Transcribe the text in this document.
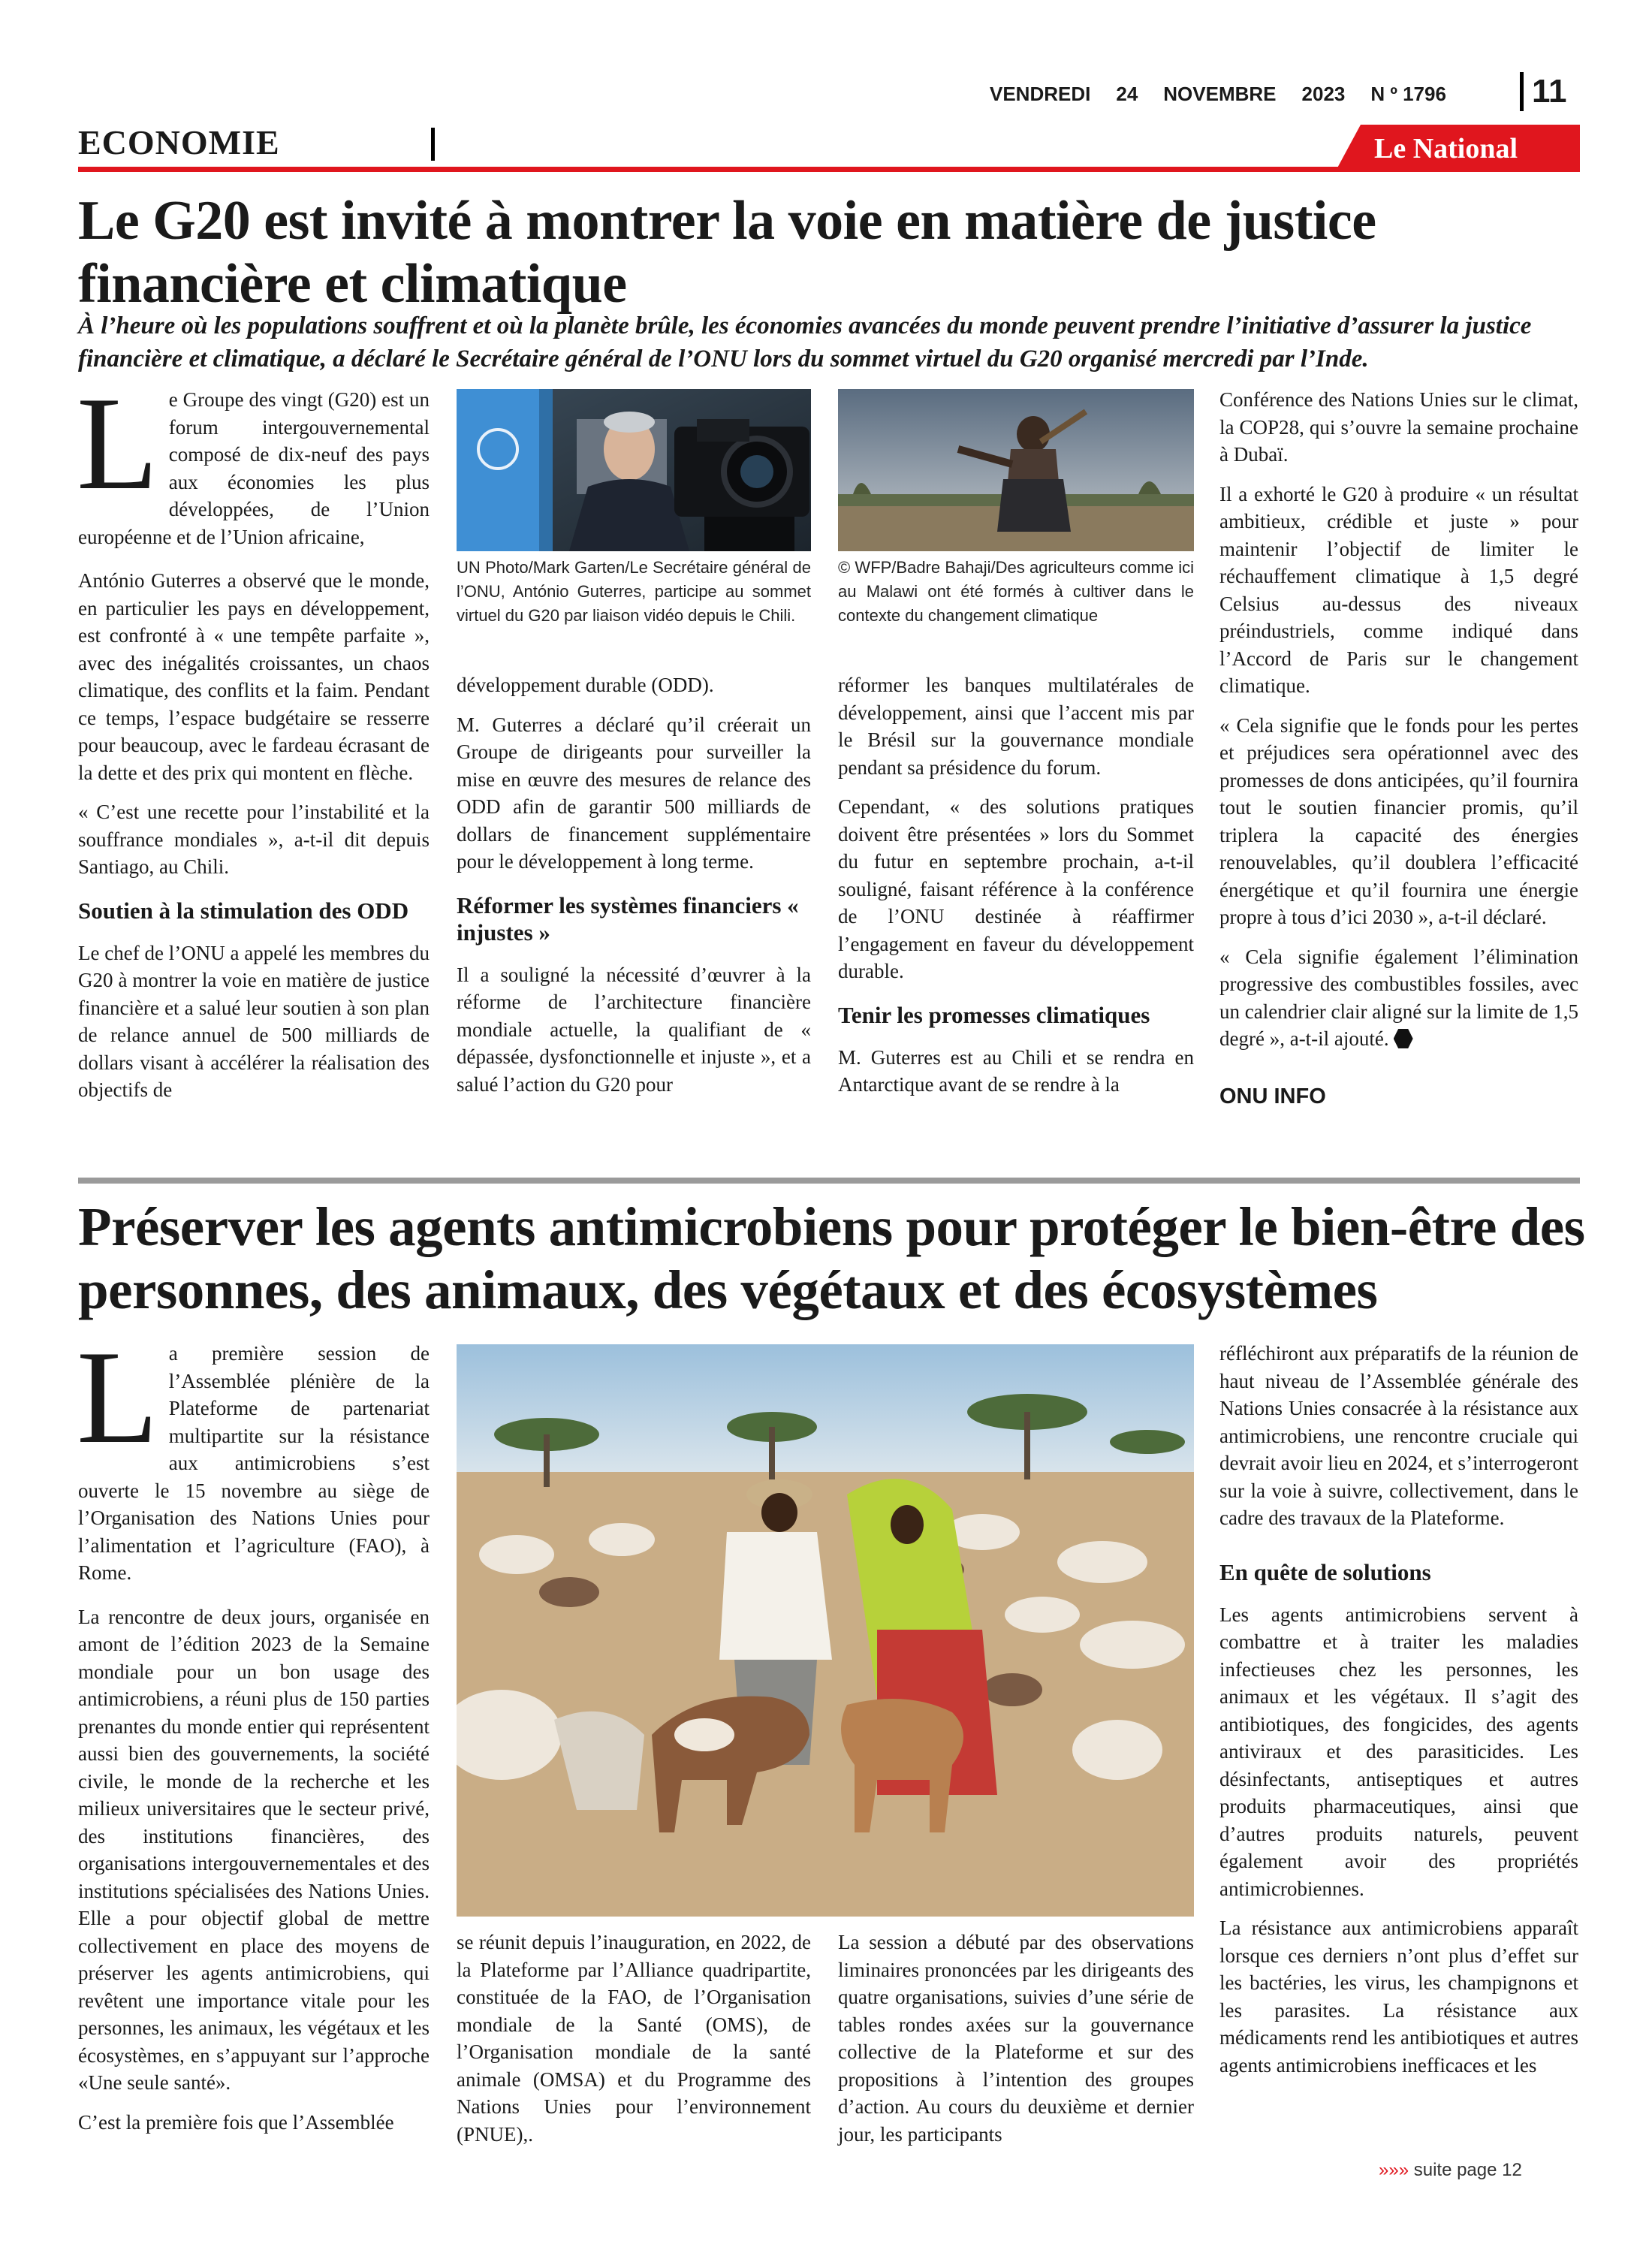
VENDREDI 24 NOVEMBRE 2023 N º 1796	11
ECONOMIE	Le National
Le G20 est invité à montrer la voie en matière de justice financière et climatique

À l’heure où les populations souffrent et où la planète brûle, les économies avancées du monde peuvent prendre l’initiative d’assurer la justice financière et climatique, a déclaré le Secrétaire général de l’ONU lors du sommet virtuel du G20 organisé mercredi par l’Inde.

Le Groupe des vingt (G20) est un forum intergouvernemental composé de dix-neuf des pays aux économies les plus développées, de l’Union européenne et de l’Union africaine,

António Guterres a observé que le monde, en particulier les pays en développement, est confronté à « une tempête parfaite », avec des inégalités croissantes, un chaos climatique, des conflits et la faim. Pendant ce temps, l’espace budgétaire se resserre pour beaucoup, avec le fardeau écrasant de la dette et des prix qui montent en flèche.

« C’est une recette pour l’instabilité et la souffrance mondiales », a-t-il dit depuis Santiago, au Chili.

Soutien à la stimulation des ODD

Le chef de l’ONU a appelé les membres du G20 à montrer la voie en matière de justice financière et a salué leur soutien à son plan de relance annuel de 500 milliards de dollars visant à accélérer la réalisation des objectifs de

UN Photo/Mark Garten/Le Secrétaire général de l’ONU, António Guterres, participe au sommet virtuel du G20 par liaison vidéo depuis le Chili.

développement durable (ODD).

M. Guterres a déclaré qu’il créerait un Groupe de dirigeants pour surveiller la mise en œuvre des mesures de relance des ODD afin de garantir 500 milliards de dollars de financement supplémentaire pour le développement à long terme.

Réformer les systèmes financiers « injustes »

Il a souligné la nécessité d’œuvrer à la réforme de l’architecture financière mondiale actuelle, la qualifiant de « dépassée, dysfonctionnelle et injuste », et a salué l’action du G20 pour

© WFP/Badre Bahaji/Des agriculteurs comme ici au Malawi ont été formés à cultiver dans le contexte du changement climatique

réformer les banques multilatérales de développement, ainsi que l’accent mis par le Brésil sur la gouvernance mondiale pendant sa présidence du forum.

Cependant, « des solutions pratiques doivent être présentées » lors du Sommet du futur en septembre prochain, a-t-il souligné, faisant référence à la conférence de l’ONU destinée à réaffirmer l’engagement en faveur du développement durable.

Tenir les promesses climatiques

M. Guterres est au Chili et se rendra en Antarctique avant de se rendre à la

Conférence des Nations Unies sur le climat, la COP28, qui s’ouvre la semaine prochaine à Dubaï.

Il a exhorté le G20 à produire « un résultat ambitieux, crédible et juste » pour maintenir l’objectif de limiter le réchauffement climatique à 1,5 degré Celsius au-dessus des niveaux préindustriels, comme indiqué dans l’Accord de Paris sur le changement climatique.

« Cela signifie que le fonds pour les pertes et préjudices sera opérationnel avec des promesses de dons anticipées, qu’il fournira tout le soutien financier promis, qu’il triplera la capacité des énergies renouvelables, qu’il doublera l’efficacité énergétique et qu’il fournira une énergie propre à tous d’ici 2030 », a-t-il déclaré.

« Cela signifie également l’élimination progressive des combustibles fossiles, avec un calendrier clair aligné sur la limite de 1,5 degré », a-t-il ajouté.

ONU INFO

Préserver les agents antimicrobiens pour protéger le bien-être des personnes, des animaux, des végétaux et des écosystèmes

La première session de l’Assemblée plénière de la Plateforme de partenariat multipartite sur la résistance aux antimicrobiens s’est ouverte le 15 novembre au siège de l’Organisation des Nations Unies pour l’alimentation et l’agriculture (FAO), à Rome.

La rencontre de deux jours, organisée en amont de l’édition 2023 de la Semaine mondiale pour un bon usage des antimicrobiens, a réuni plus de 150 parties prenantes du monde entier qui représentent aussi bien des gouvernements, la société civile, le monde de la recherche et les milieux universitaires que le secteur privé, des institutions financières, des organisations intergouvernementales et des institutions spécialisées des Nations Unies. Elle a pour objectif global de mettre collectivement en place des moyens de préserver les agents antimicrobiens, qui revêtent une importance vitale pour les personnes, les animaux, les végétaux et les écosystèmes, en s’appuyant sur l’approche «Une seule santé».

C’est la première fois que l’Assemblée

se réunit depuis l’inauguration, en 2022, de la Plateforme par l’Alliance quadripartite, constituée de la FAO, de l’Organisation mondiale de la Santé (OMS), de l’Organisation mondiale de la santé animale (OMSA) et du Programme des Nations Unies pour l’environnement (PNUE),.

La session a débuté par des observations liminaires prononcées par les dirigeants des quatre organisations, suivies d’une série de tables rondes axées sur la gouvernance collective de la Plateforme et sur des propositions à l’intention des groupes d’action. Au cours du deuxième et dernier jour, les participants

réfléchiront aux préparatifs de la réunion de haut niveau de l’Assemblée générale des Nations Unies consacrée à la résistance aux antimicrobiens, une rencontre cruciale qui devrait avoir lieu en 2024, et s’interrogeront sur la voie à suivre, collectivement, dans le cadre des travaux de la Plateforme.

En quête de solutions

Les agents antimicrobiens servent à combattre et à traiter les maladies infectieuses chez les personnes, les animaux et les végétaux. Il s’agit des antibiotiques, des fongicides, des agents antiviraux et des parasiticides. Les désinfectants, antiseptiques et autres produits pharmaceutiques, ainsi que d’autres produits naturels, peuvent également avoir des propriétés antimicrobiennes.

La résistance aux antimicrobiens apparaît lorsque ces derniers n’ont plus d’effet sur les bactéries, les virus, les champignons et les parasites. La résistance aux médicaments rend les antibiotiques et autres agents antimicrobiens inefficaces et les

»»» suite page 12
